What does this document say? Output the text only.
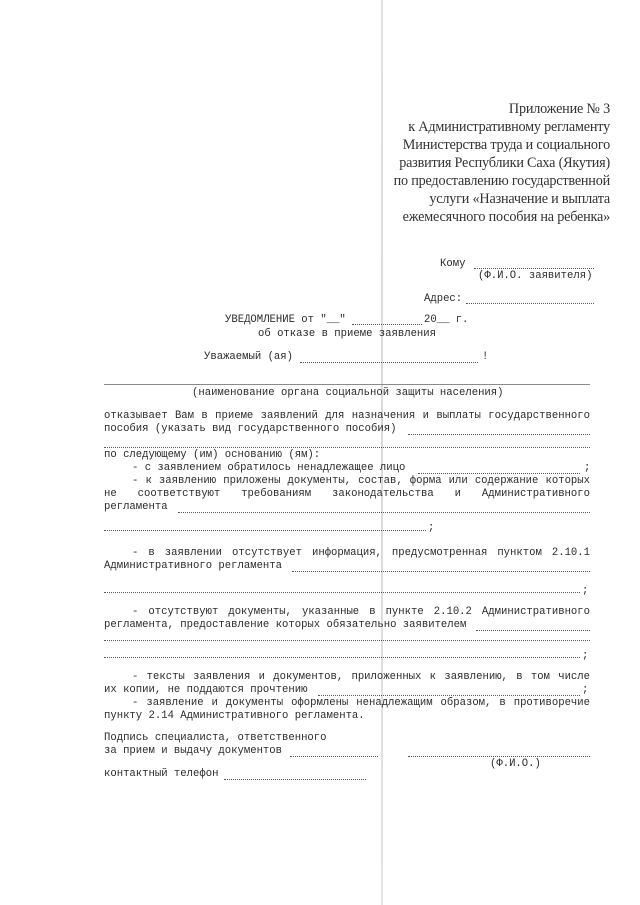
Приложение № 3
к Административному регламенту
Министерства труда и социального
развития Республики Саха (Якутия)
по предоставлению государственной
услуги «Назначение и выплата
ежемесячного пособия на ребенка»
Кому
(Ф.И.О. заявителя)
Адрес:
УВЕДОМЛЕНИЕ от "__"	20__ г.
об отказе в приеме заявления
Уважаемый (ая)	!
(наименование органа социальной защиты населения)
отказывает Вам в приеме заявлений для назначения и выплаты государственного
пособия (указать вид государственного пособия)
по следующему (им) основанию (ям):
- с заявлением обратилось ненадлежащее лицо	;
- к заявлению приложены документы, состав, форма или содержание которых
не соответствуют требованиям законодательства и Административного
регламента
;
- в заявлении отсутствует информация, предусмотренная пунктом 2.10.1
Административного регламента
;
- отсутствуют документы, указанные в пункте 2.10.2 Административного
регламента, предоставление которых обязательно заявителем
;
- тексты заявления и документов, приложенных к заявлению, в том числе
их копии, не поддаются прочтению	;
- заявление и документы оформлены ненадлежащим образом, в противоречие
пункту 2.14 Административного регламента.
Подпись специалиста, ответственного
за прием и выдачу документов
(Ф.И.О.)
контактный телефон
